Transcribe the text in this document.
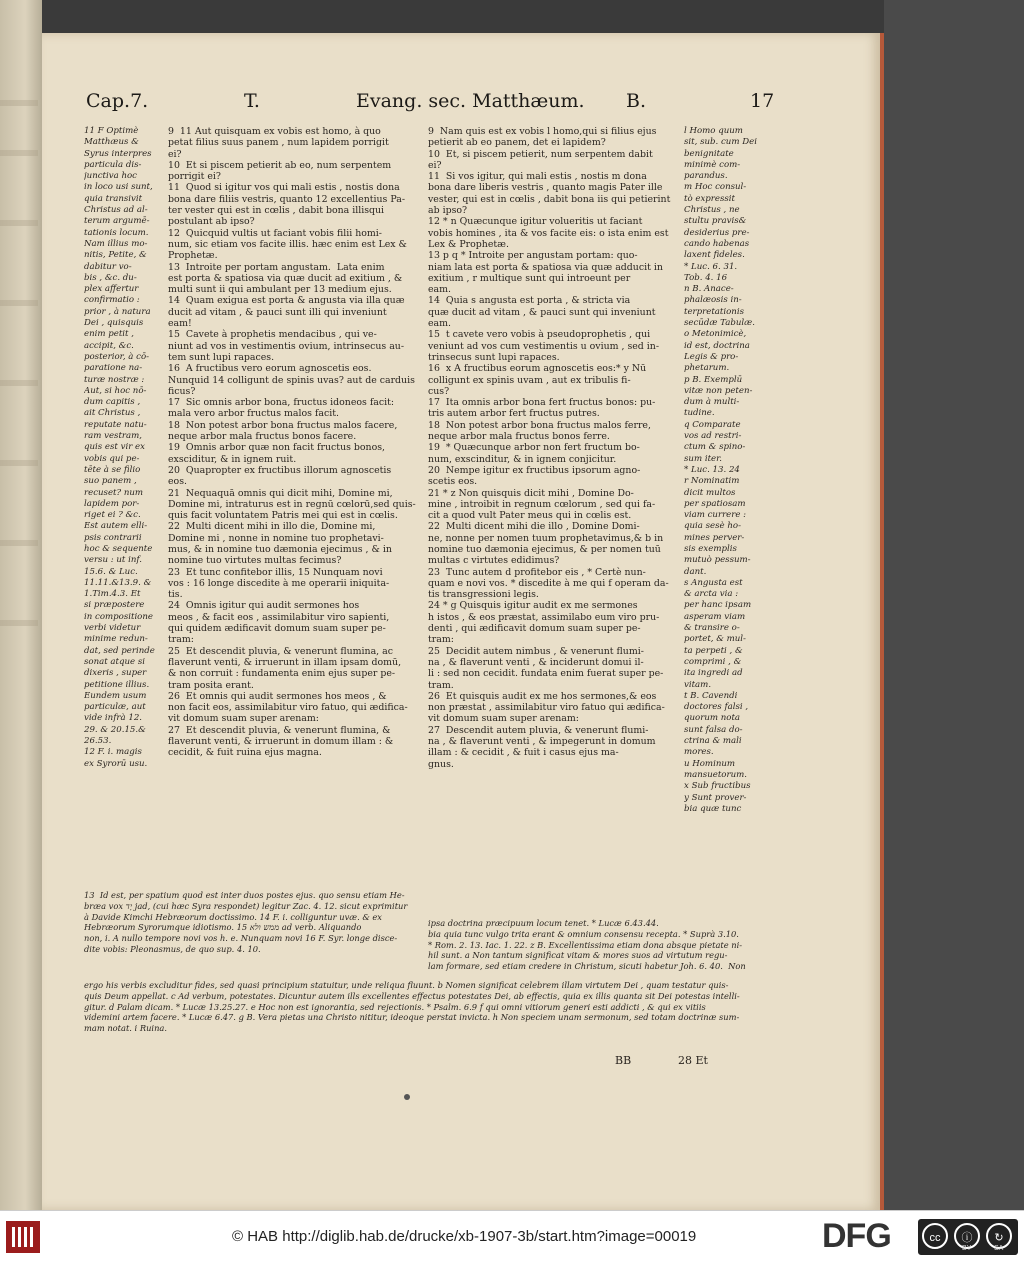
Cap.7.	T.	Evang. sec. Matthæum. B.	17
11 F Optimè
Matthæus &
Syrus interpres
particula dis-
junctiva hoc
in loco usi sunt,
quia transivit
Christus ad al-
terum argumē-
tationis locum.
Nam illius mo-
nitis, Petite, &
dabitur vo-
bis , &c. du-
plex affertur
confirmatio :
prior , à natura
Dei , quisquis
enim petit ,
accipit, &c.
posterior, à cō-
paratione na-
turæ nostræ :
Aut, si hoc nō-
dum capitis ,
ait Christus ,
reputate natu-
ram vestram,
quis est vir ex
vobis qui pe-
tēte à se filio
suo panem ,
recuset? num
lapidem por-
riget ei ? &c.
Est autem elli-
psis contrarii
hoc & sequente
versu : ut inf.
15.6. & Luc.
11.11.&13.9. &
1.Tim.4.3. Et
si præpostere
in compositione
verbi videtur
minime redun-
dat, sed perinde
sonat atque si
dixeris , super
petitione illius.
Eundem usum
particulæ, aut
vide infrà 12.
29. & 20.15.&
26.53.
12 F. i. magis
ex Syrorū usu.
9  11 Aut quisquam ex vobis est homo, à quo
petat filius suus panem , num lapidem porrigit
ei?
10  Et si piscem petierit ab eo, num serpentem
porrigit ei?
11  Quod si igitur vos qui mali estis , nostis dona
bona dare filiis vestris, quanto 12 excellentius Pa-
ter vester qui est in cœlis , dabit bona illisqui
postulant ab ipso?
12  Quicquid vultis ut faciant vobis filii homi-
num, sic etiam vos facite illis. hæc enim est Lex &
Prophetæ.
13  Introite per portam angustam.  Lata enim
est porta & spatiosa via quæ ducit ad exitium , &
multi sunt ii qui ambulant per 13 medium ejus.
14  Quam exigua est porta & angusta via illa quæ
ducit ad vitam , & pauci sunt illi qui inveniunt
eam!
15  Cavete à prophetis mendacibus , qui ve-
niunt ad vos in vestimentis ovium, intrinsecus au-
tem sunt lupi rapaces.
16  A fructibus vero eorum agnoscetis eos.
Nunquid 14 colligunt de spinis uvas? aut de carduis
ficus?
17  Sic omnis arbor bona, fructus idoneos facit:
mala vero arbor fructus malos facit.
18  Non potest arbor bona fructus malos facere,
neque arbor mala fructus bonos facere.
19  Omnis arbor quæ non facit fructus bonos,
exsciditur, & in ignem ruit.
20  Quapropter ex fructibus illorum agnoscetis
eos.
21  Nequaquā omnis qui dicit mihi, Domine mi,
Domine mi, intraturus est in regnū cœlorū,sed quis-
quis facit voluntatem Patris mei qui est in cœlis.
22  Multi dicent mihi in illo die, Domine mi,
Domine mi , nonne in nomine tuo prophetavi-
mus, & in nomine tuo dæmonia ejecimus , & in
nomine tuo virtutes multas fecimus?
23  Et tunc confitebor illis, 15 Nunquam novi
vos : 16 longe discedite à me operarii iniquita-
tis.
24  Omnis igitur qui audit sermones hos
meos , & facit eos , assimilabitur viro sapienti,
qui quidem ædificavit domum suam super pe-
tram:
25  Et descendit pluvia, & venerunt flumina, ac
flaverunt venti, & irruerunt in illam ipsam domū,
& non corruit : fundamenta enim ejus super pe-
tram posita erant.
26  Et omnis qui audit sermones hos meos , &
non facit eos, assimilabitur viro fatuo, qui ædifica-
vit domum suam super arenam:
27  Et descendit pluvia, & venerunt flumina, &
flaverunt venti, & irruerunt in domum illam : &
cecidit, & fuit ruina ejus magna.
9  Nam quis est ex vobis l homo,qui si filius ejus
petierit ab eo panem, det ei lapidem?
10  Et, si piscem petierit, num serpentem dabit
ei?
11  Si vos igitur, qui mali estis , nostis m dona
bona dare liberis vestris , quanto magis Pater ille
vester, qui est in cœlis , dabit bona iis qui petierint
ab ipso?
12 * n Quæcunque igitur volueritis ut faciant
vobis homines , ita & vos facite eis: o ista enim est
Lex & Prophetæ.
13 p q * Introite per angustam portam: quo-
niam lata est porta & spatiosa via quæ adducit in
exitium , r multique sunt qui introeunt per
eam.
14  Quia s angusta est porta , & stricta via
quæ ducit ad vitam , & pauci sunt qui inveniunt
eam.
15  t cavete vero vobis à pseudoprophetis , qui
veniunt ad vos cum vestimentis u ovium , sed in-
trinsecus sunt lupi rapaces.
16  x A fructibus eorum agnoscetis eos:* y Nū
colligunt ex spinis uvam , aut ex tribulis fi-
cus?
17  Ita omnis arbor bona fert fructus bonos: pu-
tris autem arbor fert fructus putres.
18  Non potest arbor bona fructus malos ferre,
neque arbor mala fructus bonos ferre.
19  * Quæcunque arbor non fert fructum bo-
num, exscinditur, & in ignem conjicitur.
20  Nempe igitur ex fructibus ipsorum agno-
scetis eos.
21 * z Non quisquis dicit mihi , Domine Do-
mine , introibit in regnum cœlorum , sed qui fa-
cit a quod vult Pater meus qui in cœlis est.
22  Multi dicent mihi die illo , Domine Domi-
ne, nonne per nomen tuum prophetavimus,& b in
nomine tuo dæmonia ejecimus, & per nomen tuū
multas c virtutes edidimus?
23  Tunc autem d profitebor eis , * Certè nun-
quam e novi vos. * discedite à me qui f operam da-
tis transgressioni legis.
24 * g Quisquis igitur audit ex me sermones
h istos , & eos præstat, assimilabo eum viro pru-
denti , qui ædificavit domum suam super pe-
tram:
25  Decidit autem nimbus , & venerunt flumi-
na , & flaverunt venti , & inciderunt domui il-
li : sed non cecidit. fundata enim fuerat super pe-
tram.
26  Et quisquis audit ex me hos sermones,& eos
non præstat , assimilabitur viro fatuo qui ædifica-
vit domum suam super arenam:
27  Descendit autem pluvia, & venerunt flumi-
na , & flaverunt venti , & impegerunt in domum
illam : & cecidit , & fuit i casus ejus ma-
gnus.
l Homo quum
sit, sub. cum Dei
benignitate
minimè com-
parandus.
m Hoc consul-
tò expressit
Christus , ne
stultu pravis&
desiderius pre-
cando habenas
laxent fideles.
* Luc. 6. 31.
Tob. 4. 16
n B. Anace-
phalæosis in-
terpretationis
secūdæ Tabulæ.
o Metonimicè,
id est, doctrina
Legis & pro-
phetarum.
p B. Exemplū
vitæ non peten-
dum à multi-
tudine.
q Comparate
vos ad restri-
ctum & spino-
sum iter.
* Luc. 13. 24
r Nominatim
dicit multos
per spatiosam
viam currere :
quia sesè ho-
mines perver-
sis exemplis
mutuò pessum-
dant.
s Angusta est
& arcta via :
per hanc ipsam
asperam viam
& transire o-
portet, & mul-
ta perpeti , &
comprimi , &
ita ingredi ad
vitam.
t B. Cavendi
doctores falsi ,
quorum nota
sunt falsa do-
ctrina & mali
mores.
u Hominum
mansuetorum.
x Sub fructibus
y Sunt prover-
bia quæ tunc
13  Id est, per spatium quod est inter duos postes ejus. quo sensu etiam He-
bræa vox יָד jad, (cui hæc Syra respondet) legitur Zac. 4. 12. sicut exprimitur
à Davide Kimchi Hebræorum doctissimo. 14 F. i. colliguntur uvæ. & ex
Hebræorum Syrorumque idiotismo. 15 ממש ולא ad verb. Aliquando
non, i. A nullo tempore novi vos h. e. Nunquam novi 16 F. Syr. longe disce-
dite vobis: Pleonasmus, de quo sup. 4. 10.
ipsa doctrina præcipuum locum tenet. * Lucæ 6.43.44.
bia quia tunc vulgo trita erant & omnium consensu recepta. * Suprà 3.10.
* Rom. 2. 13. Iac. 1. 22. z B. Excellentissima etiam dona absque pietate ni-
hil sunt. a Non tantum significat vitam & mores suos ad virtutum regu-
lam formare, sed etiam credere in Christum, sicuti habetur Joh. 6. 40.  Non
ergo his verbis excluditur fides, sed quasi principium statuitur, unde reliqua fluunt. b Nomen significat celebrem illam virtutem Dei , quam testatur quis-
quis Deum appellat. c Ad verbum, potestates. Dicuntur autem ills excellentes effectus potestates Dei, ab effectis, quia ex illis quanta sit Dei potestas intelli-
gitur. d Palam dicam. * Lucæ 13.25.27. e Hoc non est ignorantia, sed rejectionis. * Psalm. 6.9 f qui omni vitiorum generi esti addicti , & qui ex vitiis
videmini artem facere. * Lucæ 6.47. g B. Vera pietas una Christo nititur, ideoque perstat invicta. h Non speciem unam sermonum, sed totam doctrinæ sum-
mam notat. i Ruina.
BB	28 Et
© HAB http://diglib.hab.de/drucke/xb-1907-3b/start.htm?image=00019	DFG	cc	ⓘ	↻
BY	SA
